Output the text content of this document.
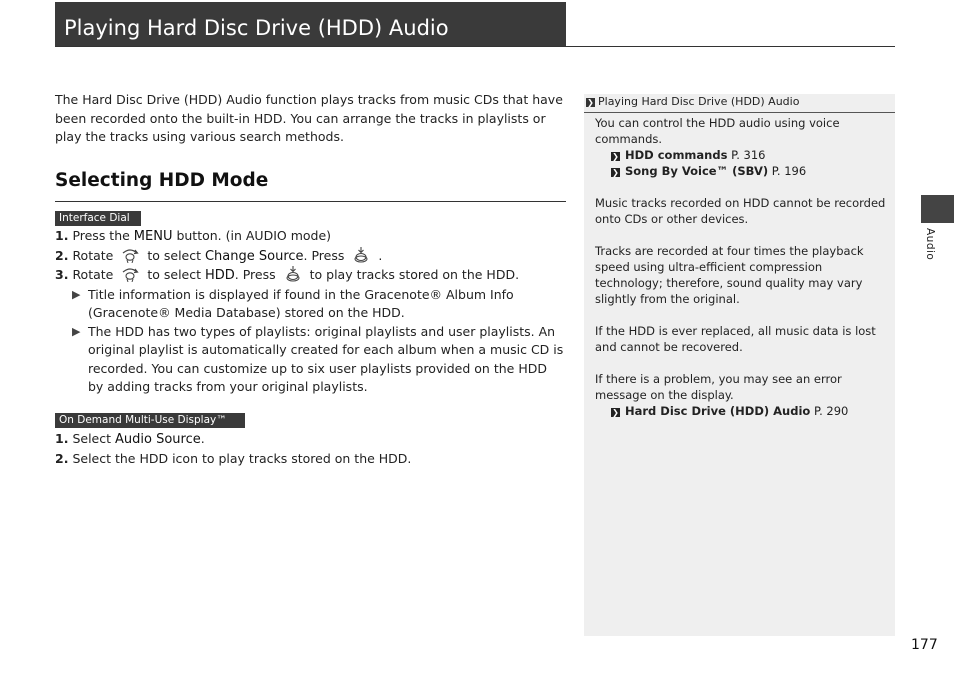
Playing Hard Disc Drive (HDD) Audio
The Hard Disc Drive (HDD) Audio function plays tracks from music CDs that have been recorded onto the built-in HDD. You can arrange the tracks in playlists or play the tracks using various search methods.
Selecting HDD Mode
Interface Dial
1. Press the MENU button. (in AUDIO mode)
2. Rotate	to select Change Source. Press	.
3. Rotate	to select HDD. Press	to play tracks stored on the HDD.
▶ Title information is displayed if found in the Gracenote® Album Info (Gracenote® Media Database) stored on the HDD.
▶ The HDD has two types of playlists: original playlists and user playlists. An original playlist is automatically created for each album when a music CD is recorded. You can customize up to six user playlists provided on the HDD by adding tracks from your original playlists.
On Demand Multi-Use Display™
1. Select Audio Source.
2. Select the HDD icon to play tracks stored on the HDD.
❯ Playing Hard Disc Drive (HDD) Audio

You can control the HDD audio using voice commands.
❯ HDD commands P. 316
❯ Song By Voice™ (SBV) P. 196

Music tracks recorded on HDD cannot be recorded onto CDs or other devices.

Tracks are recorded at four times the playback speed using ultra-efficient compression technology; therefore, sound quality may vary slightly from the original.

If the HDD is ever replaced, all music data is lost and cannot be recovered.

If there is a problem, you may see an error message on the display.
❯ Hard Disc Drive (HDD) Audio P. 290

Audio
177
